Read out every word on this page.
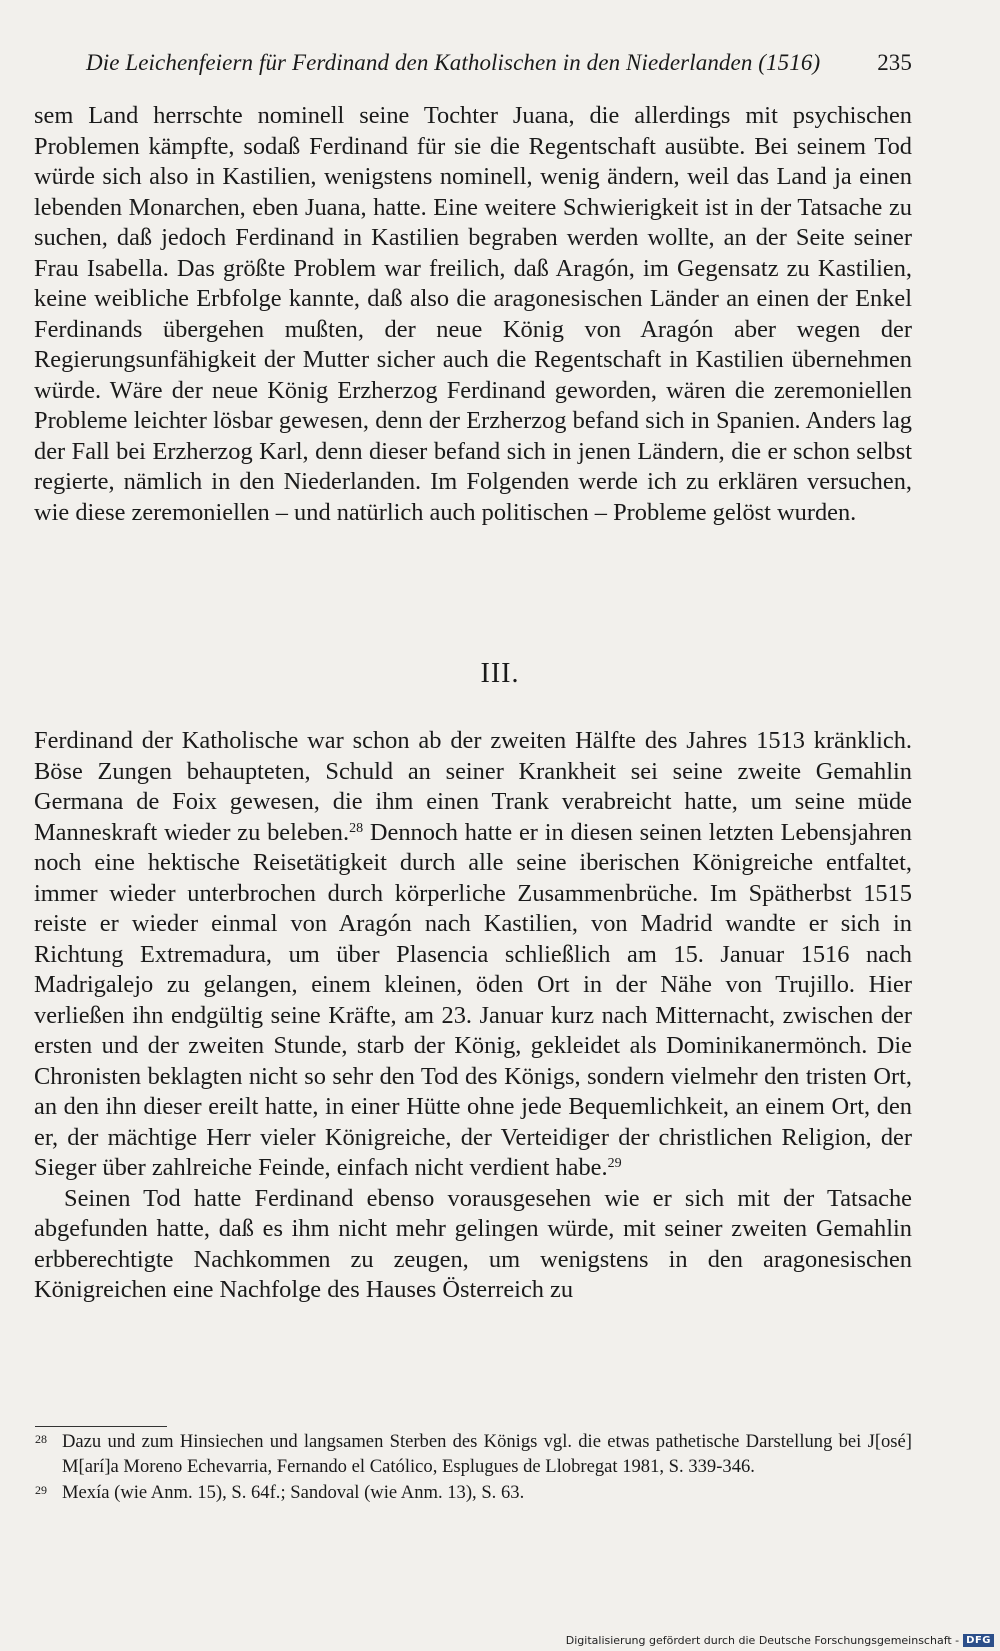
Die Leichenfeiern für Ferdinand den Katholischen in den Niederlanden (1516) 235

sem Land herrschte nominell seine Tochter Juana, die allerdings mit psychischen Problemen kämpfte, sodaß Ferdinand für sie die Regentschaft ausübte. Bei seinem Tod würde sich also in Kastilien, wenigstens nominell, wenig ändern, weil das Land ja einen lebenden Monarchen, eben Juana, hatte. Eine weitere Schwierigkeit ist in der Tatsache zu suchen, daß jedoch Ferdinand in Kastilien begraben werden wollte, an der Seite seiner Frau Isabella. Das größte Problem war freilich, daß Aragón, im Gegensatz zu Kastilien, keine weibliche Erbfolge kannte, daß also die aragonesischen Länder an einen der Enkel Ferdinands übergehen mußten, der neue König von Aragón aber wegen der Regierungsunfähigkeit der Mutter sicher auch die Regentschaft in Kastilien übernehmen würde. Wäre der neue König Erzherzog Ferdinand geworden, wären die zeremoniellen Probleme leichter lösbar gewesen, denn der Erzherzog befand sich in Spanien. Anders lag der Fall bei Erzherzog Karl, denn dieser befand sich in jenen Ländern, die er schon selbst regierte, nämlich in den Niederlanden. Im Folgenden werde ich zu erklären versuchen, wie diese zeremoniellen – und natürlich auch politischen – Probleme gelöst wurden.

III.

Ferdinand der Katholische war schon ab der zweiten Hälfte des Jahres 1513 kränklich. Böse Zungen behaupteten, Schuld an seiner Krankheit sei seine zweite Gemahlin Germana de Foix gewesen, die ihm einen Trank verabreicht hatte, um seine müde Manneskraft wieder zu beleben.$^{28}$ Dennoch hatte er in diesen seinen letzten Lebensjahren noch eine hektische Reisetätigkeit durch alle seine iberischen Königreiche entfaltet, immer wieder unterbrochen durch körperliche Zusammenbrüche. Im Spätherbst 1515 reiste er wieder einmal von Aragón nach Kastilien, von Madrid wandte er sich in Richtung Extremadura, um über Plasencia schließlich am 15. Januar 1516 nach Madrigalejo zu gelangen, einem kleinen, öden Ort in der Nähe von Trujillo. Hier verließen ihn endgültig seine Kräfte, am 23. Januar kurz nach Mitternacht, zwischen der ersten und der zweiten Stunde, starb der König, gekleidet als Dominikanermönch. Die Chronisten beklagten nicht so sehr den Tod des Königs, sondern vielmehr den tristen Ort, an den ihn dieser ereilt hatte, in einer Hütte ohne jede Bequemlichkeit, an einem Ort, den er, der mächtige Herr vieler Königreiche, der Verteidiger der christlichen Religion, der Sieger über zahlreiche Feinde, einfach nicht verdient habe.$^{29}$

Seinen Tod hatte Ferdinand ebenso vorausgesehen wie er sich mit der Tatsache abgefunden hatte, daß es ihm nicht mehr gelingen würde, mit seiner zweiten Gemahlin erbberechtigte Nachkommen zu zeugen, um wenigstens in den aragonesischen Königreichen eine Nachfolge des Hauses Österreich zu

28 Dazu und zum Hinsiechen und langsamen Sterben des Königs vgl. die etwas pathetische Darstellung bei J[osé] M[arí]a Moreno Echevarria, Fernando el Católico, Esplugues de Llobregat 1981, S. 339-346.
29 Mexía (wie Anm. 15), S. 64f.; Sandoval (wie Anm. 13), S. 63.
Digitalisierung gefördert durch die Deutsche Forschungsgemeinschaft - DFG
